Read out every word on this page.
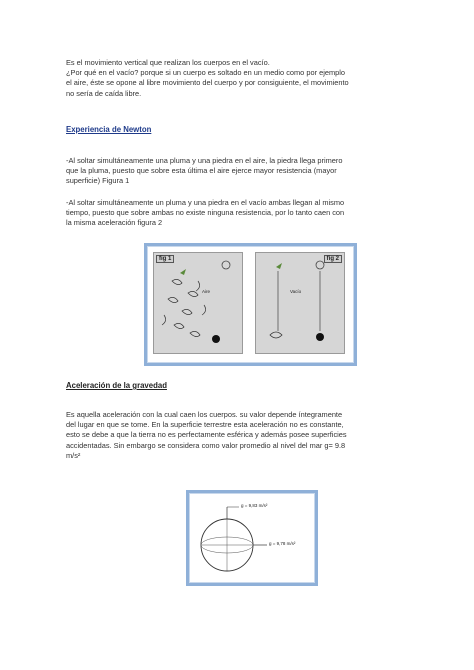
Es el movimiento vertical que realizan los cuerpos en el vacío.
¿Por qué en el vacío? porque si un cuerpo es soltado en un medio como por ejemplo
el aire, éste se opone al libre movimiento del cuerpo y por consiguiente, el movimiento
no sería de caída libre.
Experiencia de Newton
-Al soltar simultáneamente una pluma y una piedra en el aire, la piedra llega primero
que la pluma, puesto que sobre esta última el aire ejerce mayor resistencia (mayor
superficie) Figura 1
-Al soltar simultáneamente un pluma y una piedra en el vacío ambas llegan al mismo
tiempo, puesto que sobre ambas no existe ninguna resistencia, por lo tanto caen con
la misma aceleración figura 2
fig 1
Aire
fig 2
Vacío
Aceleración de la gravedad
Es aquella aceleración con la cual caen los cuerpos. su valor depende íntegramente
del lugar en que se tome. En la superficie terrestre esta aceleración no es constante,
esto se debe a que la tierra no es perfectamente esférica y además posee superficies
accidentadas. Sin embargo se considera como valor promedio al nivel del mar g= 9.8
m/s²
g = 9,83 m/s²
g = 9,78 m/s²
